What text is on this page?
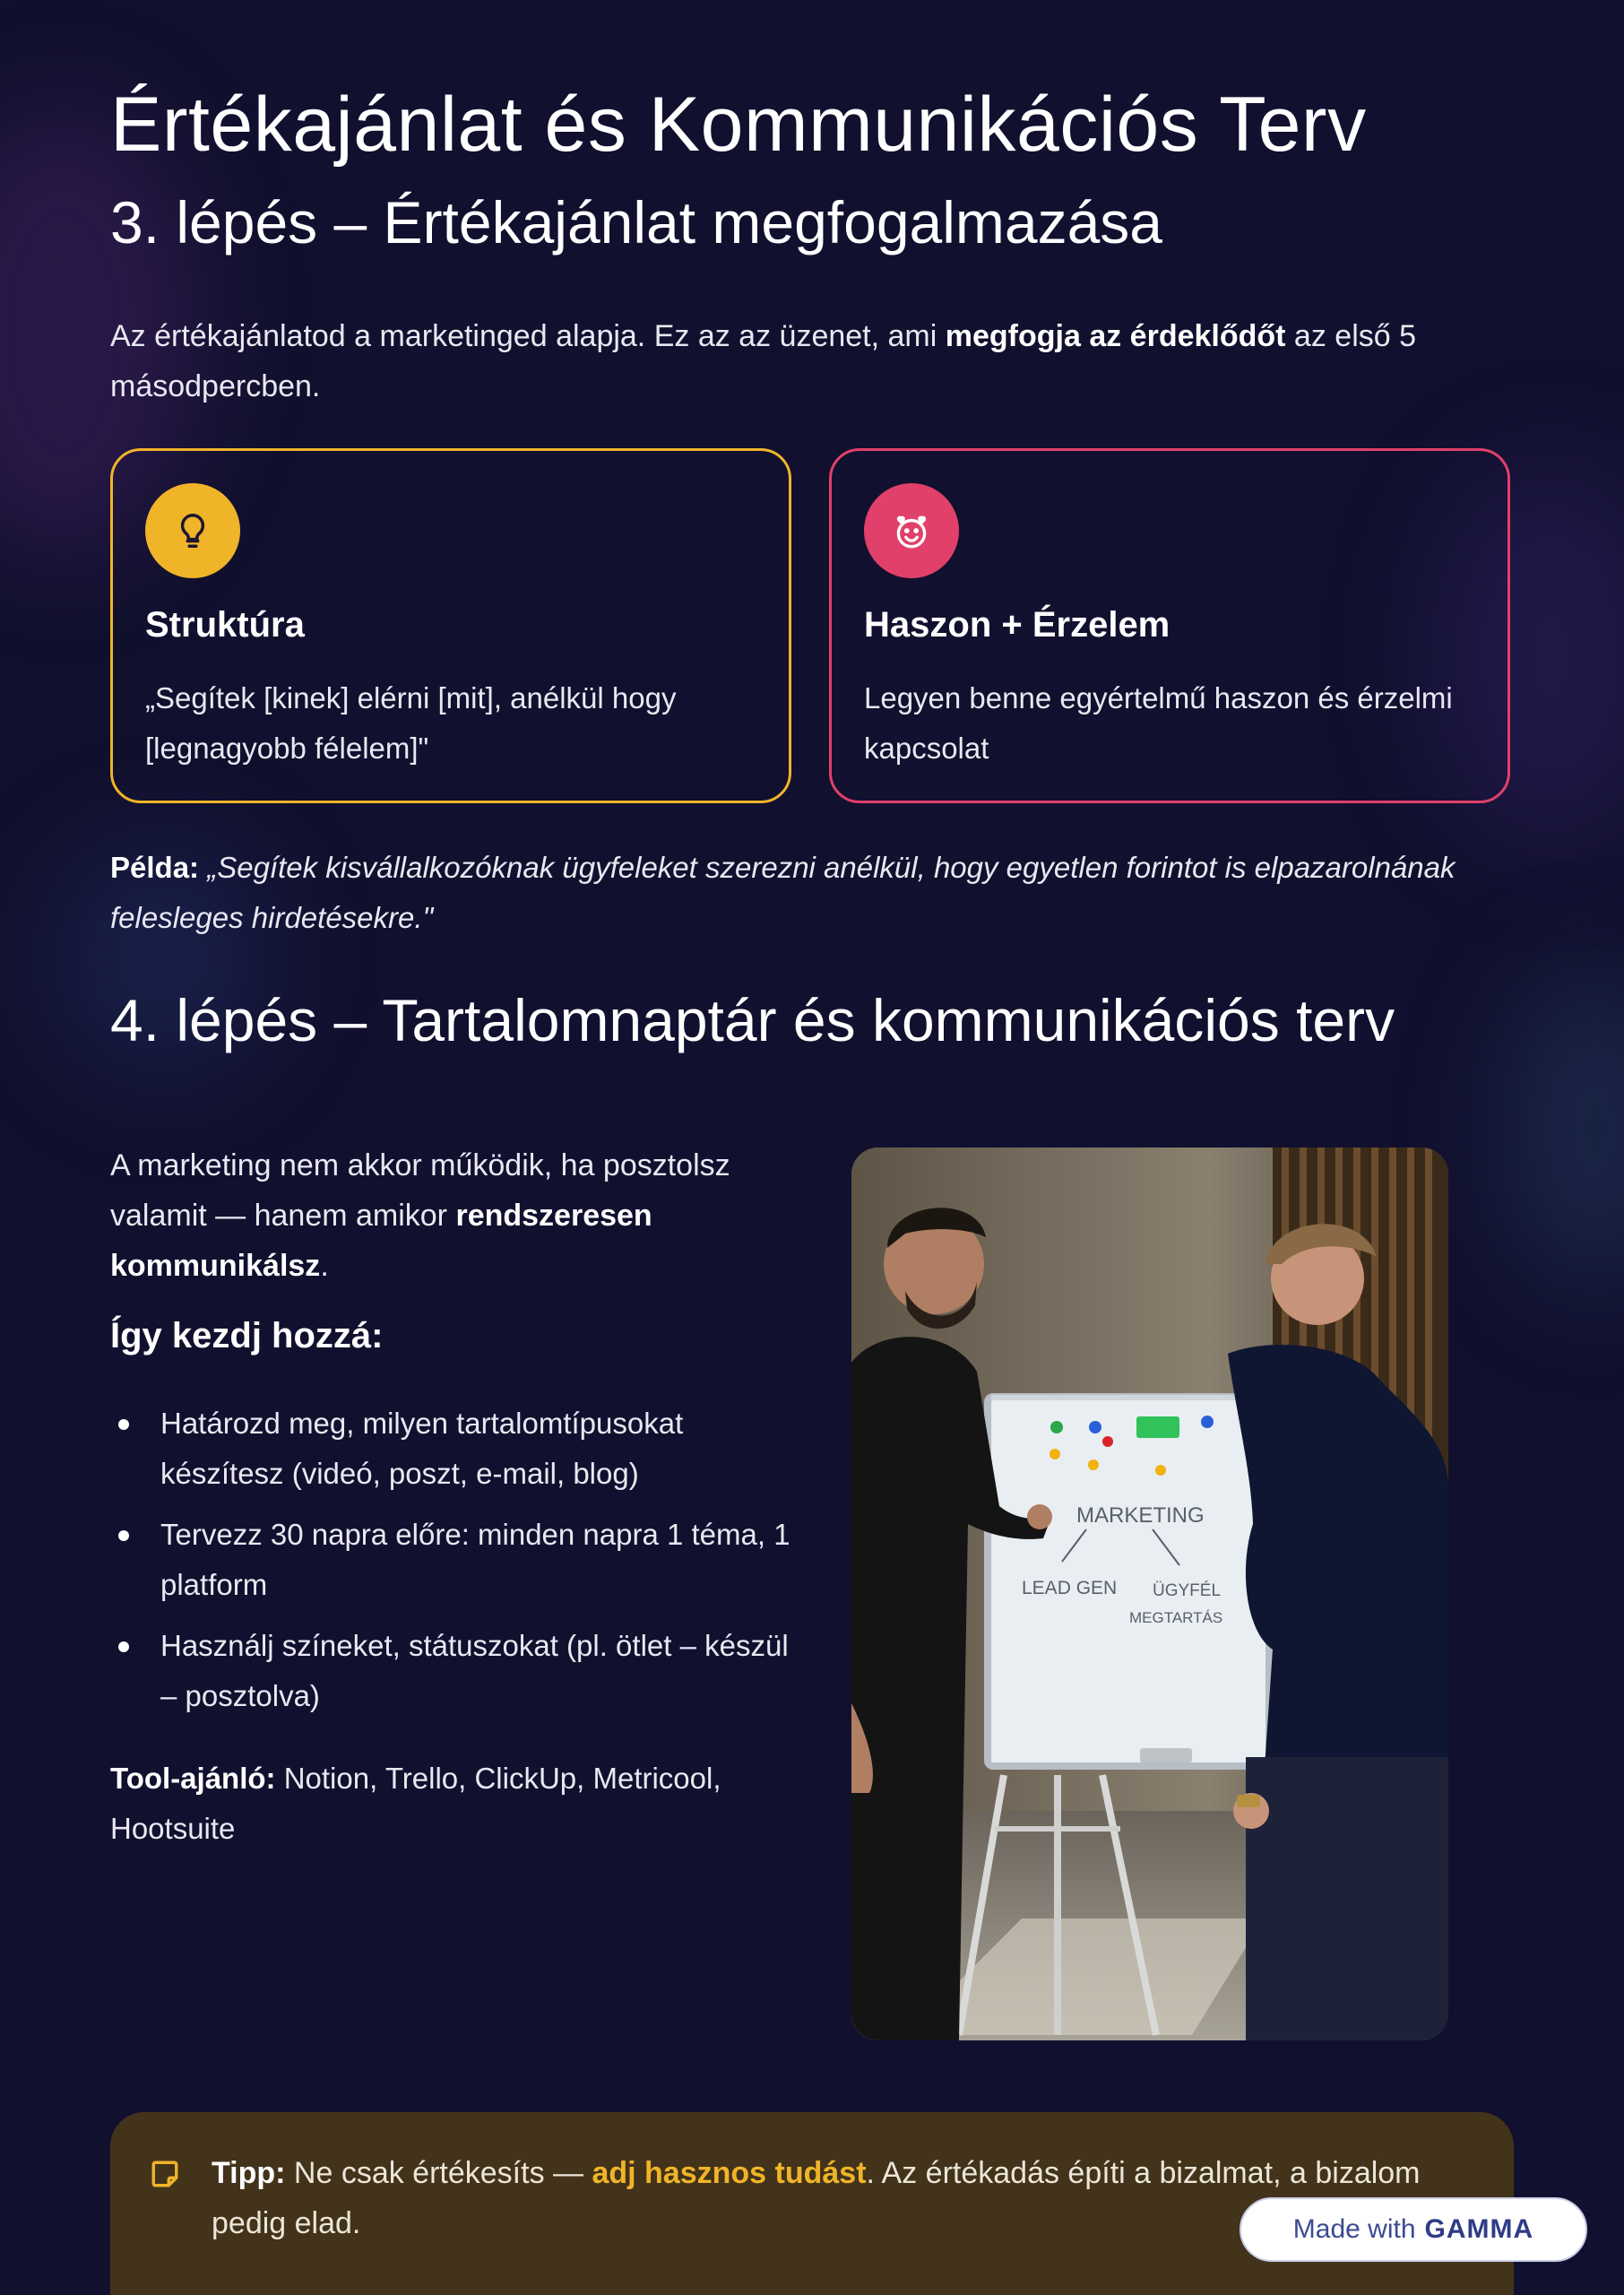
Értékajánlat és Kommunikációs Terv
3. lépés – Értékajánlat megfogalmazása

Az értékajánlatod a marketinged alapja. Ez az az üzenet, ami megfogja az érdeklődőt az első 5 másodpercben.

Struktúra

„Segítek [kinek] elérni [mit], anélkül hogy [legnagyobb félelem]"

Haszon + Érzelem

Legyen benne egyértelmű haszon és érzelmi kapcsolat

Példa: „Segítek kisvállalkozóknak ügyfeleket szerezni anélkül, hogy egyetlen forintot is elpazarolnának felesleges hirdetésekre."
4. lépés – Tartalomnaptár és kommunikációs terv

A marketing nem akkor működik, ha posztolsz valamit — hanem amikor rendszeresen kommunikálsz.

Így kezdj hozzá:
Határozd meg, milyen tartalomtípusokat készítesz (videó, poszt, e-mail, blog)
Tervezz 30 napra előre: minden napra 1 téma, 1 platform
Használj színeket, státuszokat (pl. ötlet – készül – posztolva)
Tool-ajánló: Notion, Trello, ClickUp, Metricool, Hootsuite
MARKETING
LEAD GEN ÜGYFÉL
MEGTARTÁS
Tipp: Ne csak értékesíts — adj hasznos tudást. Az értékadás építi a bizalmat, a bizalom pedig elad.	Made with GAMMA
